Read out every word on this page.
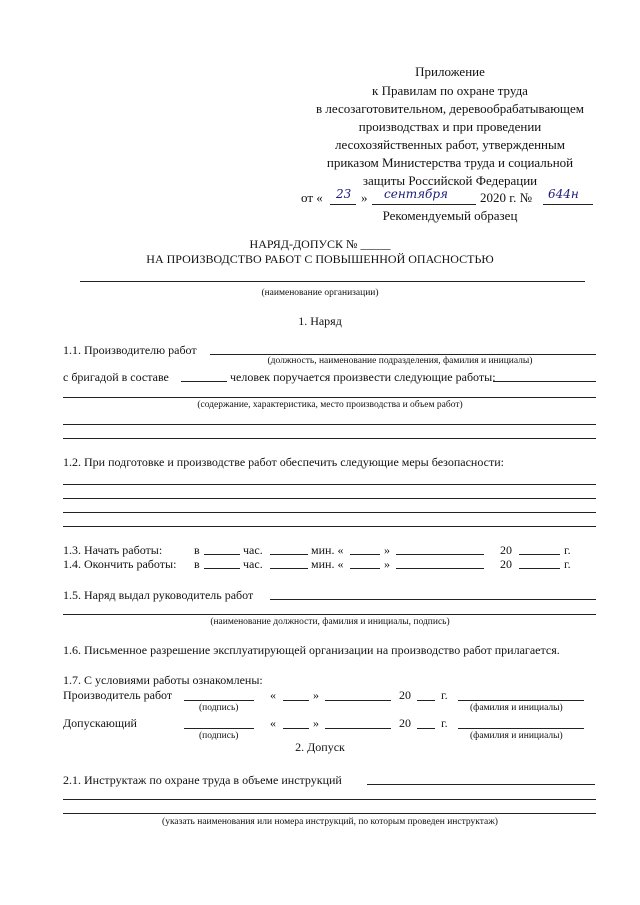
Приложение
к Правилам по охране труда
в лесозаготовительном, деревообрабатывающем
производствах и при проведении
лесохозяйственных работ, утвержденным
приказом Министерства труда и социальной
защиты Российской Федерации
от « 23 » сентября 2020 г. № 644н
Рекомендуемый образец
НАРЯД-ДОПУСК № _____
НА ПРОИЗВОДСТВО РАБОТ С ПОВЫШЕННОЙ ОПАСНОСТЬЮ
(наименование организации)
1. Наряд
1.1. Производителю работ
(должность, наименование подразделения, фамилия и инициалы)
с бригадой в составе	человек поручается произвести следующие работы:
(содержание, характеристика, место производства и объем работ)
1.2. При подготовке и производстве работ обеспечить следующие меры безопасности:
1.3. Начать работы:	в	час.	мин. «	»	20	г.
1.4. Окончить работы: в	час.	мин. «	»	20	г.
1.5. Наряд выдал руководитель работ
(наименование должности, фамилия и инициалы, подпись)
1.6. Письменное разрешение эксплуатирующей организации на производство работ прилагается.
1.7. С условиями работы ознакомлены:
Производитель работ
(подпись)
«	»	20	г.
(фамилия и инициалы)
Допускающий
(подпись)
«	»	20	г.
(фамилия и инициалы)
2. Допуск
2.1. Инструктаж по охране труда в объеме инструкций
(указать наименования или номера инструкций, по которым проведен инструктаж)
